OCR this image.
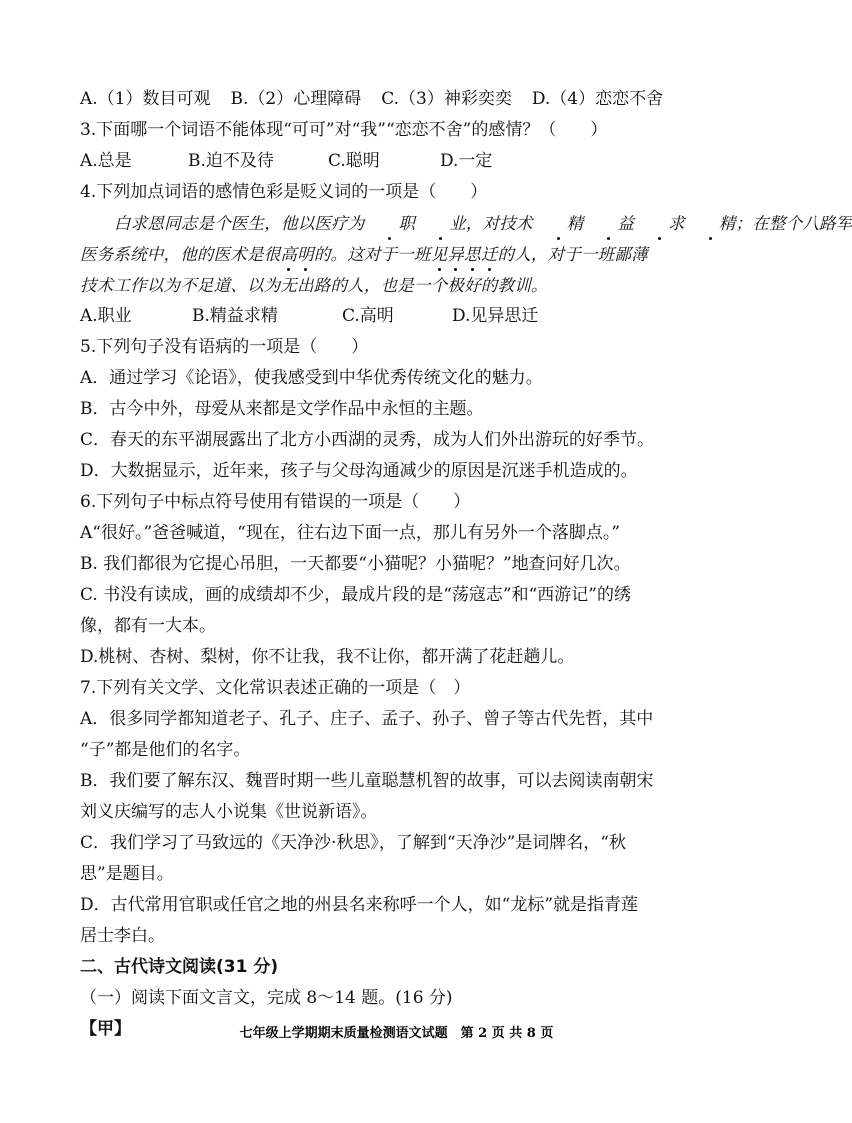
A.（1）数目可观 B.（2）心理障碍 C.（3）神彩奕奕 D.（4）恋恋不舍
3.下面哪一个词语不能体现“可可”对“我”“恋恋不舍”的感情？（　　）
A.总是	B.迫不及待	C.聪明	D.一定
4.下列加点词语的感情色彩是贬义词的一项是（　　）
白求恩同志是个医生，他以医疗为 职 业，对技术 精 益 求 精；在整个八路军
医务系统中，他的医术是很高明的。这对于一班见异思迁的人，对于一班鄙薄
技术工作以为不足道、以为无出路的人，也是一个极好的教训。
A.职业	B.精益求精	C.高明	D.见异思迁
5.下列句子没有语病的一项是（　　）
A．通过学习《论语》，使我感受到中华优秀传统文化的魅力。
B．古今中外，母爱从来都是文学作品中永恒的主题。
C．春天的东平湖展露出了北方小西湖的灵秀，成为人们外出游玩的好季节。
D．大数据显示，近年来，孩子与父母沟通减少的原因是沉迷手机造成的。
6.下列句子中标点符号使用有错误的一项是（　　）
A“很好。”爸爸喊道，“现在，往右边下面一点，那儿有另外一个落脚点。”
B. 我们都很为它提心吊胆，一天都要“小猫呢？小猫呢？”地查问好几次。
C. 书没有读成，画的成绩却不少，最成片段的是“荡寇志”和“西游记”的绣
像，都有一大本。
D.桃树、杏树、梨树，你不让我，我不让你，都开满了花赶趟儿。
7.下列有关文学、文化常识表述正确的一项是（　）
A．很多同学都知道老子、孔子、庄子、孟子、孙子、曾子等古代先哲，其中
“子”都是他们的名字。
B．我们要了解东汉、魏晋时期一些儿童聪慧机智的故事，可以去阅读南朝宋
刘义庆编写的志人小说集《世说新语》。
C．我们学习了马致远的《天净沙·秋思》，了解到“天净沙”是词牌名，“秋
思”是题目。
D．古代常用官职或任官之地的州县名来称呼一个人，如“龙标”就是指青莲
居士李白。
二、古代诗文阅读(31 分)
（一）阅读下面文言文，完成 8～14 题。(16 分)
【甲】	七年级上学期期末质量检测语文试题　第 2 页 共 8 页
